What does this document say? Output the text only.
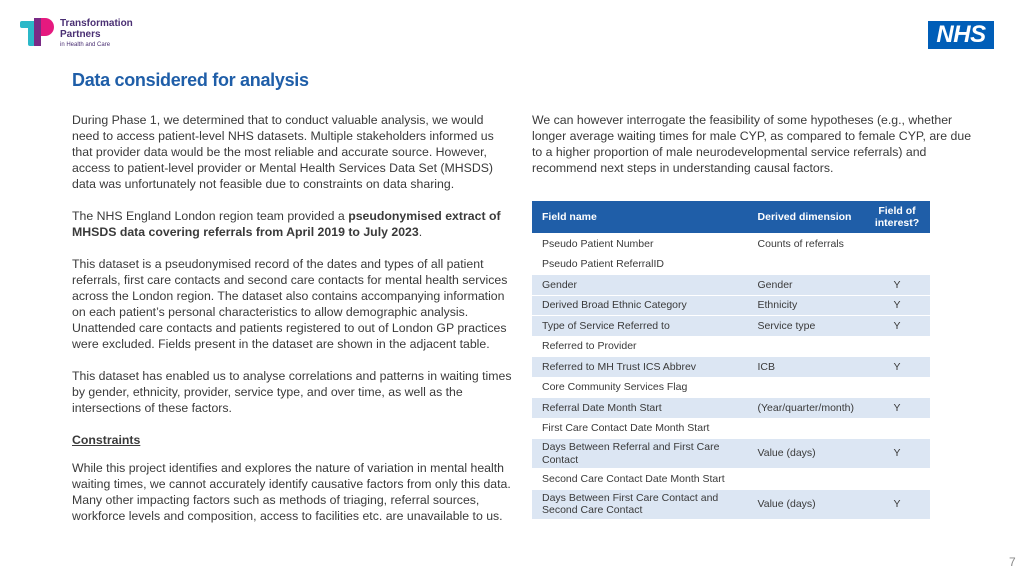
Transformation
Partners
in Health and Care	NHS
Data considered for analysis

During Phase 1, we determined that to conduct valuable analysis, we would need to access patient-level NHS datasets. Multiple stakeholders informed us that provider data would be the most reliable and accurate source. However, access to patient-level provider or Mental Health Services Data Set (MHSDS) data was unfortunately not feasible due to constraints on data sharing.

The NHS England London region team provided a pseudonymised extract of MHSDS data covering referrals from April 2019 to July 2023.

This dataset is a pseudonymised record of the dates and types of all patient referrals, first care contacts and second care contacts for mental health services across the London region. The dataset also contains accompanying information on each patient’s personal characteristics to allow demographic analysis. Unattended care contacts and patients registered to out of London GP practices were excluded. Fields present in the dataset are shown in the adjacent table.

This dataset has enabled us to analyse correlations and patterns in waiting times by gender, ethnicity, provider, service type, and over time, as well as the intersections of these factors.

Constraints

While this project identifies and explores the nature of variation in mental health waiting times, we cannot accurately identify causative factors from only this data. Many other impacting factors such as methods of triaging, referral sources, workforce levels and composition, access to facilities etc. are unavailable to us.

We can however interrogate the feasibility of some hypotheses (e.g., whether longer average waiting times for male CYP, as compared to female CYP, are due to a higher proportion of male neurodevelopmental service referrals) and recommend next steps in understanding causal factors.

Field name	Derived dimension	Field of interest?
Pseudo Patient Number	Counts of referrals	
Pseudo Patient ReferralID		
Gender	Gender	Y
Derived Broad Ethnic Category	Ethnicity	Y
Type of Service Referred to	Service type	Y
Referred to Provider		
Referred to MH Trust ICS Abbrev	ICB	Y
Core Community Services Flag		
Referral Date Month Start	(Year/quarter/month)	Y
First Care Contact Date Month Start		
Days Between Referral and First Care Contact	Value (days)	Y
Second Care Contact Date Month Start		
Days Between First Care Contact and Second Care Contact	Value (days)	Y
7
